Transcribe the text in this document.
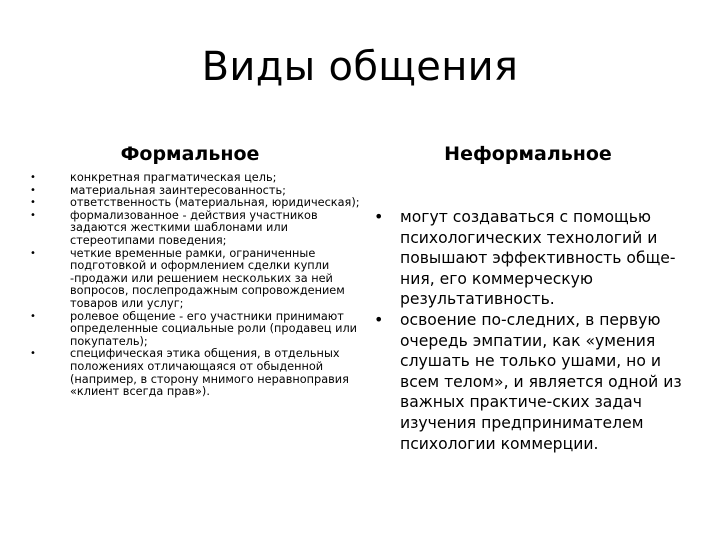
Виды общения
Формальное	Неформальное
•	конкретная прагматическая цель;
•	материальная заинтересованность;
•	ответственность (материальная, юридическая);
•	формализованное - действия участников задаются жесткими шаблонами или стереотипами поведения;
•	четкие временные рамки, ограниченные подготовкой и оформлением сделки купли -продажи или решением нескольких за ней вопросов, послепродажным сопровождением товаров или услуг;
•	ролевое общение - его участники принимают определенные социальные роли (продавец или покупатель);
•	специфическая этика общения, в отдельных положениях отличающаяся от обыденной (например, в сторону мнимого неравноправия «клиент всегда прав»).
• могут создаваться с помощью психологических технологий и повышают эффективность обще-ния, его коммерческую результативность.
• освоение по-следних, в первую очередь эмпатии, как «умения слушать не только ушами, но и всем телом», и является одной из важных практиче-ских задач изучения предпринимателем психологии коммерции.
